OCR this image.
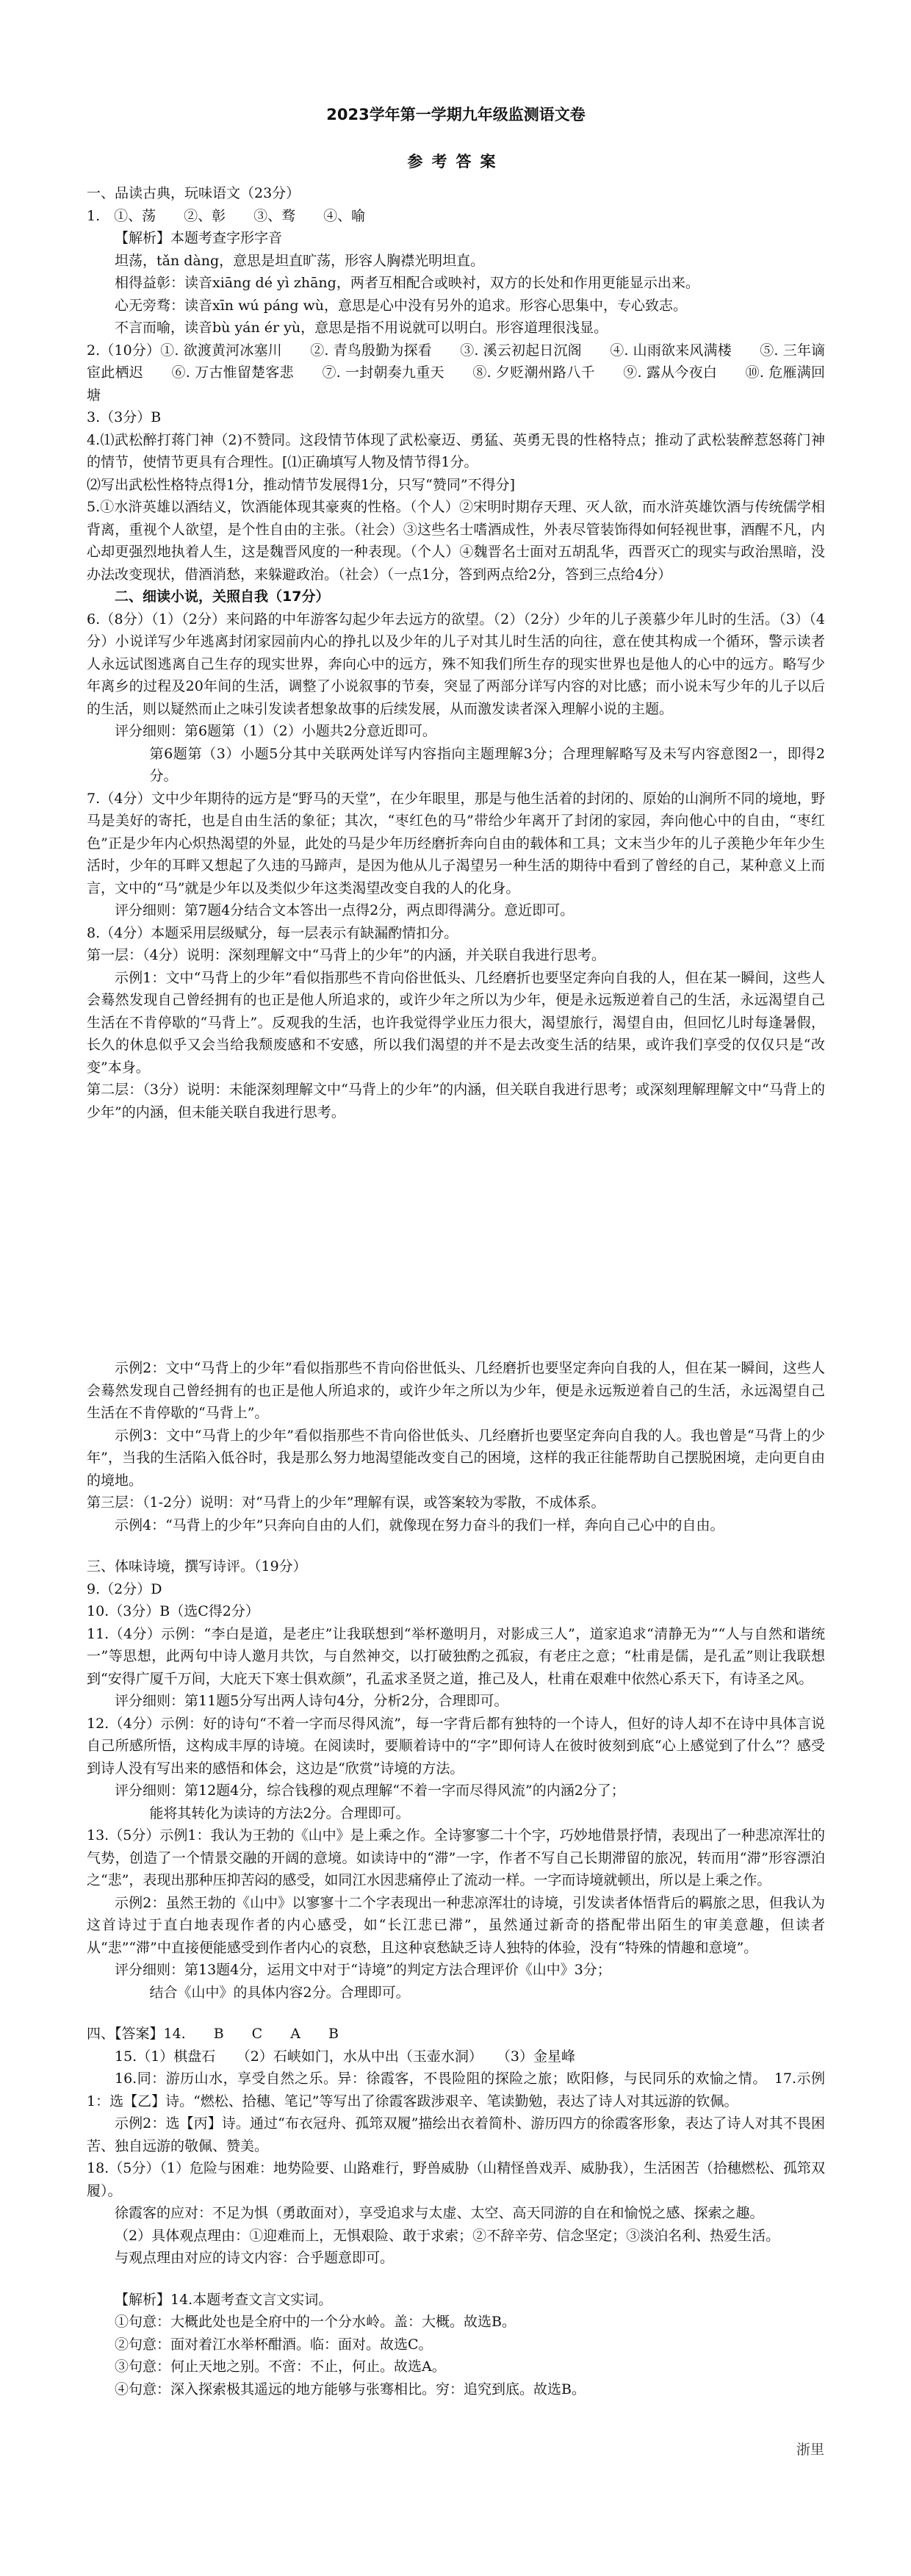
2023学年第一学期九年级监测语文卷
参考答案

一、品读古典，玩味语文（23分）

1.　①、荡　　②、彰　　③、骛　　④、喻

【解析】本题考查字形字音

坦荡，tǎn dàng，意思是坦直旷荡，形容人胸襟光明坦直。

相得益彰：读音xiāng dé yì zhāng，两者互相配合或映衬，双方的长处和作用更能显示出来。

心无旁骛：读音xīn wú páng wù，意思是心中没有另外的追求。形容心思集中，专心致志。

不言而喻，读音bù yán ér yù，意思是指不用说就可以明白。形容道理很浅显。

2.（10分）①. 欲渡黄河冰塞川　　②. 青鸟殷勤为探看　　③. 溪云初起日沉阁　　④. 山雨欲来风满楼　　⑤. 三年谪宦此栖迟　　⑥. 万古惟留楚客悲　　⑦. 一封朝奏九重天　　⑧. 夕贬潮州路八千　　⑨. 露从今夜白　　⑩. 危雁满回塘

3.（3分）B

4.⑴武松醉打蒋门神（2)不赞同。这段情节体现了武松豪迈、勇猛、英勇无畏的性格特点；推动了武松装醉惹怒蒋门神的情节，使情节更具有合理性。[⑴正确填写人物及情节得1分。

⑵写出武松性格特点得1分，推动情节发展得1分，只写“赞同”不得分]

5.①水浒英雄以酒结义，饮酒能体现其豪爽的性格。（个人）②宋明时期存天理、灭人欲，而水浒英雄饮酒与传统儒学相背离，重视个人欲望，是个性自由的主张。（社会）③这些名士嗜酒成性，外表尽管装饰得如何轻视世事，酒醒不凡，内心却更强烈地执着人生，这是魏晋风度的一种表现。（个人）④魏晋名士面对五胡乱华，西晋灭亡的现实与政治黑暗，没办法改变现状，借酒消愁，来躲避政治。（社会）（一点1分，答到两点给2分，答到三点给4分）

二、细读小说，关照自我（17分）

6.（8分）（1）（2分）来问路的中年游客勾起少年去远方的欲望。（2）（2分）少年的儿子羡慕少年儿时的生活。（3）（4分）小说详写少年逃离封闭家园前内心的挣扎以及少年的儿子对其儿时生活的向往，意在使其构成一个循环，警示读者人永远试图逃离自己生存的现实世界，奔向心中的远方，殊不知我们所生存的现实世界也是他人的心中的远方。略写少年离乡的过程及20年间的生活，调整了小说叙事的节奏，突显了两部分详写内容的对比感；而小说未写少年的儿子以后的生活，则以疑然而止之味引发读者想象故事的后续发展，从而激发读者深入理解小说的主题。

评分细则：第6题第（1）（2）小题共2分意近即可。

第6题第（3）小题5分其中关联两处详写内容指向主题理解3分；合理理解略写及未写内容意图2一，即得2分。

7.（4分）文中少年期待的远方是“野马的天堂”，在少年眼里，那是与他生活着的封闭的、原始的山涧所不同的境地，野马是美好的寄托，也是自由生活的象征；其次，“枣红色的马”带给少年离开了封闭的家园，奔向他心中的自由，“枣红色”正是少年内心炽热渴望的外显，此处的马是少年历经磨折奔向自由的载体和工具；文末当少年的儿子羡艳少年年少生活时，少年的耳畔又想起了久违的马蹄声，是因为他从儿子渴望另一种生活的期待中看到了曾经的自己，某种意义上而言，文中的“马”就是少年以及类似少年这类渴望改变自我的人的化身。

评分细则：第7题4分结合文本答出一点得2分，两点即得满分。意近即可。

8.（4分）本题采用层级赋分，每一层表示有缺漏酌情扣分。

第一层：（4分）说明：深刻理解文中“马背上的少年”的内涵，并关联自我进行思考。

示例1：文中“马背上的少年”看似指那些不肯向俗世低头、几经磨折也要坚定奔向自我的人，但在某一瞬间，这些人会蓦然发现自己曾经拥有的也正是他人所追求的，或许少年之所以为少年，便是永远叛逆着自己的生活，永远渴望自己生活在不肯停歇的“马背上”。反观我的生活，也许我觉得学业压力很大，渴望旅行，渴望自由，但回忆儿时每逢暑假，长久的休息似乎又会当给我颓废感和不安感，所以我们渴望的并不是去改变生活的结果，或许我们享受的仅仅只是“改变”本身。

第二层：（3分）说明：未能深刻理解文中“马背上的少年”的内涵，但关联自我进行思考；或深刻理解理解文中“马背上的少年”的内涵，但未能关联自我进行思考。

示例2：文中“马背上的少年”看似指那些不肯向俗世低头、几经磨折也要坚定奔向自我的人，但在某一瞬间，这些人会蓦然发现自己曾经拥有的也正是他人所追求的，或许少年之所以为少年，便是永远叛逆着自己的生活，永远渴望自己生活在不肯停歇的“马背上”。

示例3：文中“马背上的少年”看似指那些不肯向俗世低头、几经磨折也要坚定奔向自我的人。我也曾是“马背上的少年”，当我的生活陷入低谷时，我是那么努力地渴望能改变自己的困境，这样的我正往能帮助自己摆脱困境，走向更自由的境地。

第三层：（1-2分）说明：对“马背上的少年”理解有误，或答案较为零散，不成体系。

示例4：“马背上的少年”只奔向自由的人们，就像现在努力奋斗的我们一样，奔向自己心中的自由。

三、体味诗境，撰写诗评。（19分）

9.（2分）D

10.（3分）B（选C得2分）

11.（4分）示例：“李白是道，是老庄”让我联想到“举杯邀明月，对影成三人”，道家追求“清静无为”“人与自然和谐统一”等思想，此两句中诗人邀月共饮，与自然神交，以打破独酌之孤寂，有老庄之意；“杜甫是儒，是孔孟”则让我联想到“安得广厦千万间，大庇天下寒士俱欢颜”，孔孟求圣贤之道，推己及人，杜甫在艰难中依然心系天下，有诗圣之风。

评分细则：第11题5分写出两人诗句4分，分析2分，合理即可。

12.（4分）示例：好的诗句“不着一字而尽得风流”，每一字背后都有独特的一个诗人，但好的诗人却不在诗中具体言说自己所感所悟，这构成丰厚的诗境。在阅读时，要顺着诗中的“字”即何诗人在彼时彼刻到底“心上感觉到了什么”？感受到诗人没有写出来的感悟和体会，这边是“欣赏”诗境的方法。

评分细则：第12题4分，综合钱穆的观点理解“不着一字而尽得风流”的内涵2分了；

能将其转化为读诗的方法2分。合理即可。

13.（5分）示例1：我认为王勃的《山中》是上乘之作。全诗寥寥二十个字，巧妙地借景抒情，表现出了一种悲凉浑壮的气势，创造了一个情景交融的开阔的意境。如读诗中的“滞”一字，作者不写自己长期滞留的旅况，转而用“滞”形容漂泊之“悲”，表现出那种压抑苦闷的感受，如同江水因悲痛停止了流动一样。一字而诗境就顿出，所以是上乘之作。

示例2：虽然王勃的《山中》以寥寥十二个字表现出一种悲凉浑壮的诗境，引发读者体悟背后的羁旅之思，但我认为这首诗过于直白地表现作者的内心感受，如“长江悲已滞”，虽然通过新奇的搭配带出陌生的审美意趣，但读者从“悲”“滞”中直接便能感受到作者内心的哀愁，且这种哀愁缺乏诗人独特的体验，没有“特殊的情趣和意境”。

评分细则：第13题4分，运用文中对于“诗境”的判定方法合理评价《山中》3分；

结合《山中》的具体内容2分。合理即可。

四、【答案】14.　　B　　C　　A　　B

15.（1）棋盘石　　（2）石峡如门，水从中出（玉壶水洞）　　（3）金星峰

16.同：游历山水，享受自然之乐。异：徐霞客，不畏险阻的探险之旅；欧阳修，与民同乐的欢愉之情。　17.示例1：选【乙】诗。“燃松、拾穗、笔记”等写出了徐霞客跋涉艰辛、笔读勤勉，表达了诗人对其远游的钦佩。

示例2：选【丙】诗。通过“布衣冠舟、孤筇双履”描绘出衣着简朴、游历四方的徐霞客形象，表达了诗人对其不畏困苦、独自远游的敬佩、赞美。

18.（5分）（1）危险与困难：地势险要、山路难行，野兽威胁（山精怪兽戏弄、威胁我），生活困苦（拾穗燃松、孤筇双履）。

徐霞客的应对：不足为惧（勇敢面对），享受追求与太虚、太空、高天同游的自在和愉悦之感、探索之趣。

（2）具体观点理由：①迎难而上，无惧艰险、敢于求索；②不辞辛劳、信念坚定；③淡泊名利、热爱生活。

与观点理由对应的诗文内容：合乎题意即可。

【解析】14.本题考查文言文实词。

①句意：大概此处也是全府中的一个分水岭。盖：大概。故选B。

②句意：面对着江水举杯酣酒。临：面对。故选C。

③句意：何止天地之别。不啻：不止，何止。故选A。

④句意：深入探索极其遥远的地方能够与张骞相比。穷：追究到底。故选B。

浙里
